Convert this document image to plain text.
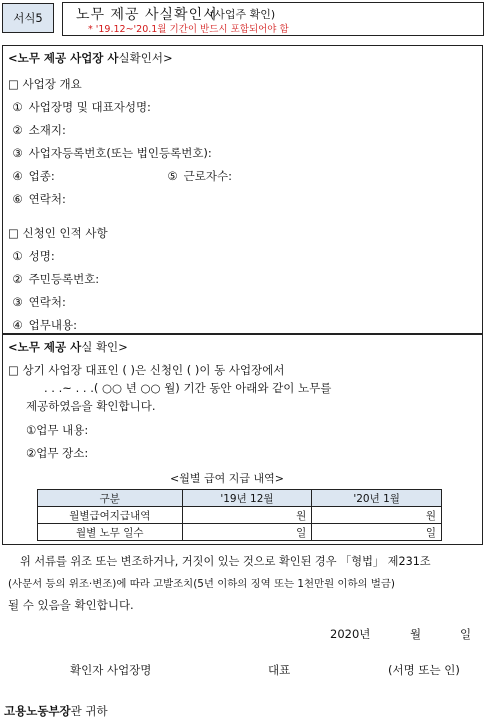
서식5 노무 제공 사실확인서
(사업주 확인)
* '19.12~'20.1월 기간이 반드시 포함되어야 함
<노무 제공 사업장 사실확인서>
□ 사업장 개요
① 사업장명 및 대표자성명:
② 소재지:
③ 사업자등록번호(또는 법인등록번호):
④ 업종:	⑤ 근로자수:
⑥ 연락처:
□ 신청인 인적 사항
① 성명:
② 주민등록번호:
③ 연락처:
④ 업무내용:
<노무 제공 사실 확인>
□ 상기 사업장 대표인 ( )은 신청인 ( )이 동 사업장에서
. . .~ . . .( ○○ 년 ○○ 월) 기간 동안 아래와 같이 노무를
제공하였음을 확인합니다.
①업무 내용:
②업무 장소:
<월별 급여 지급 내역>
구분	'19년 12월	'20년 1월
월별급여지급내역	원	원
월별 노무 일수	일	일
위 서류를 위조 또는 변조하거나, 거짓이 있는 것으로 확인된 경우 「형법」 제231조
(사문서 등의 위조·변조)에 따라 고발조치(5년 이하의 징역 또는 1천만원 이하의 벌금)
될 수 있음을 확인합니다.
2020년	월	일
확인자 사업장명	대표	(서명 또는 인)
고용노동부장관 귀하
